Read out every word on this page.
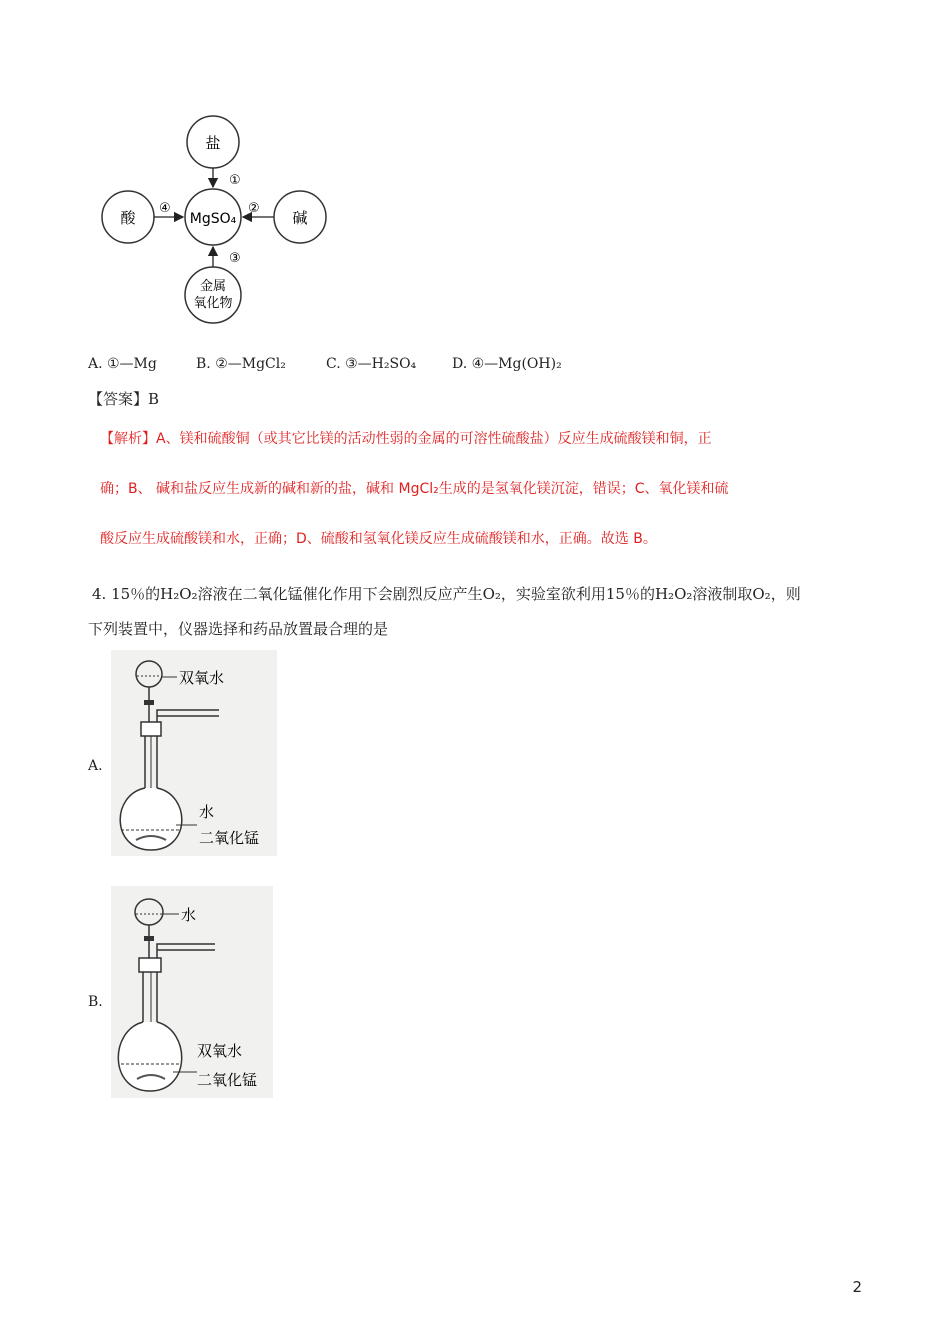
盐
酸	碱
MgSO₄
金属
氧化物
①
②
③
④
A. ①—Mg	B. ②—MgCl₂	C. ③—H₂SO₄	D. ④—Mg(OH)₂
【答案】B
【解析】A、镁和硫酸铜（或其它比镁的活动性弱的金属的可溶性硫酸盐）反应生成硫酸镁和铜，正
确；B、 碱和盐反应生成新的碱和新的盐，碱和 MgCl₂生成的是氢氧化镁沉淀，错误；C、氧化镁和硫
酸反应生成硫酸镁和水，正确；D、硫酸和氢氧化镁反应生成硫酸镁和水，正确。故选 B。
4. 15％的H₂O₂溶液在二氧化锰催化作用下会剧烈反应产生O₂，实验室欲利用15％的H₂O₂溶液制取O₂，则
下列装置中，仪器选择和药品放置最合理的是
A.
双氧水
水
二氧化锰
B.
水
双氧水
二氧化锰
2
